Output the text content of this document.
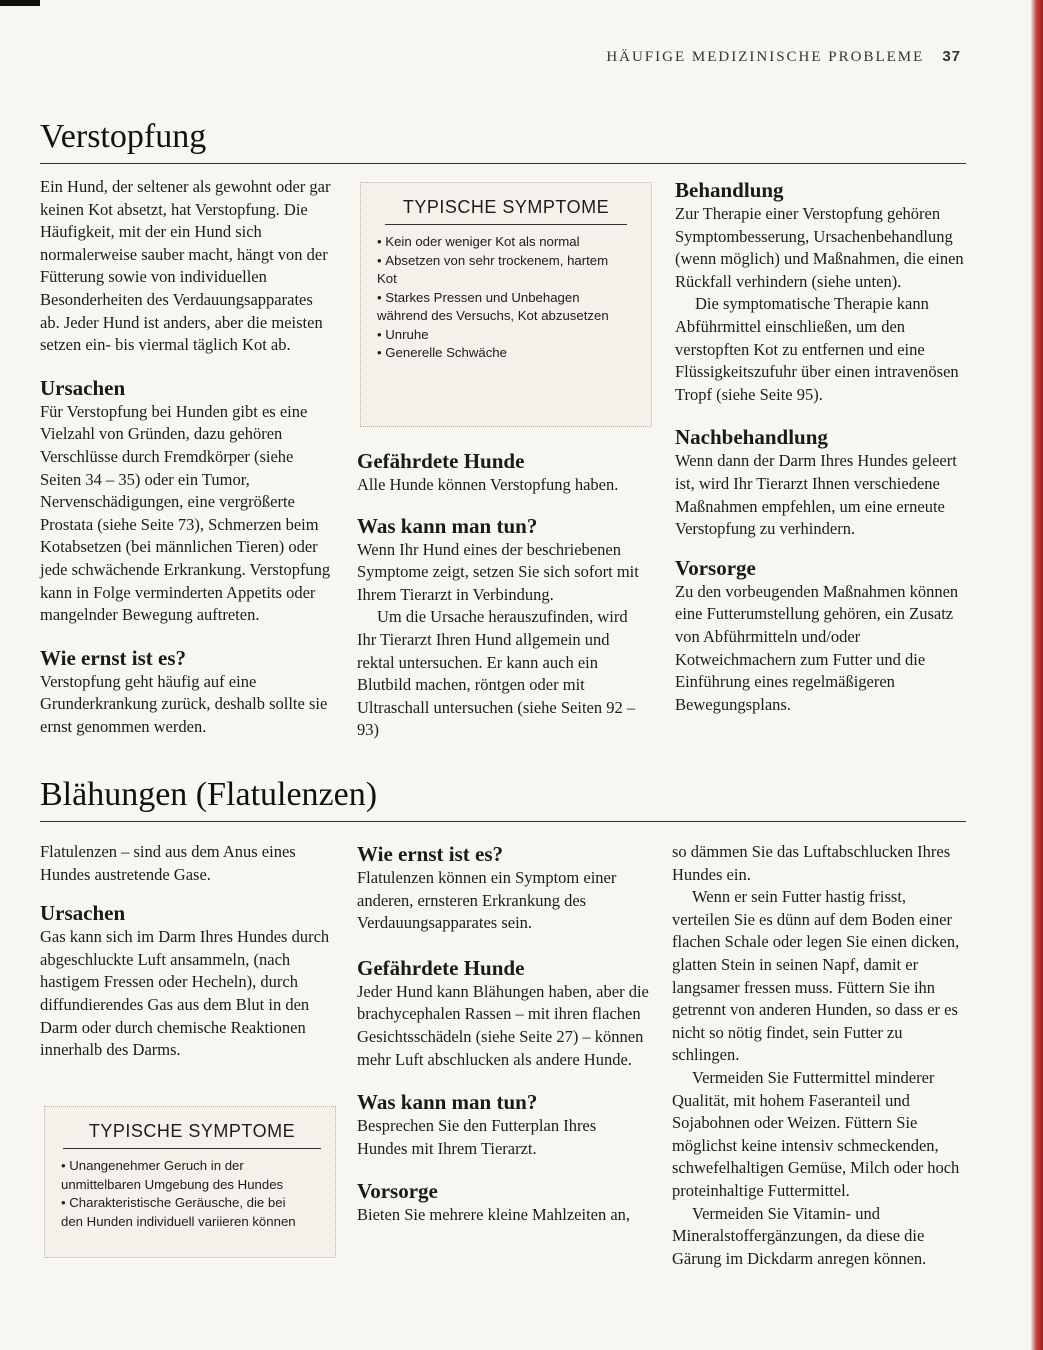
HÄUFIGE MEDIZINISCHE PROBLEME 37
Verstopfung

Ein Hund, der seltener als gewohnt oder gar keinen Kot absetzt, hat Verstopfung. Die Häufigkeit, mit der ein Hund sich normalerweise sauber macht, hängt von der Fütterung sowie von individuellen Besonderheiten des Verdauungsapparates ab. Jeder Hund ist anders, aber die meisten setzen ein- bis viermal täglich Kot ab.

Ursachen

Für Verstopfung bei Hunden gibt es eine Vielzahl von Gründen, dazu gehören Verschlüsse durch Fremdkörper (siehe Seiten 34 – 35) oder ein Tumor, Nervenschädigungen, eine vergrößerte Prostata (siehe Seite 73), Schmerzen beim Kotabsetzen (bei männlichen Tieren) oder jede schwächende Erkrankung. Verstopfung kann in Folge verminderten Appetits oder mangelnder Bewegung auftreten.

Wie ernst ist es?

Verstopfung geht häufig auf eine Grunderkrankung zurück, deshalb sollte sie ernst genommen werden.

TYPISCHE SYMPTOME
• Kein oder weniger Kot als normal
• Absetzen von sehr trockenem, hartem Kot
• Starkes Pressen und Unbehagen während des Versuchs, Kot abzusetzen
• Unruhe
• Generelle Schwäche
Gefährdete Hunde

Alle Hunde können Verstopfung haben.

Was kann man tun?

Wenn Ihr Hund eines der beschriebenen Symptome zeigt, setzen Sie sich sofort mit Ihrem Tierarzt in Verbindung.

Um die Ursache herauszufinden, wird Ihr Tierarzt Ihren Hund allgemein und rektal untersuchen. Er kann auch ein Blutbild machen, röntgen oder mit Ultraschall untersuchen (siehe Seiten 92 – 93)

Behandlung

Zur Therapie einer Verstopfung gehören Symptombesserung, Ursachenbehandlung (wenn möglich) und Maßnahmen, die einen Rückfall verhindern (siehe unten).

Die symptomatische Therapie kann Abführmittel einschließen, um den verstopften Kot zu entfernen und eine Flüssigkeitszufuhr über einen intravenösen Tropf (siehe Seite 95).

Nachbehandlung

Wenn dann der Darm Ihres Hundes geleert ist, wird Ihr Tierarzt Ihnen verschiedene Maßnahmen empfehlen, um eine erneute Verstopfung zu verhindern.

Vorsorge

Zu den vorbeugenden Maßnahmen können eine Futterumstellung gehören, ein Zusatz von Abführmitteln und/oder Kotweichmachern zum Futter und die Einführung eines regelmäßigeren Bewegungsplans.

Blähungen (Flatulenzen)

Flatulenzen – sind aus dem Anus eines Hundes austretende Gase.

Ursachen

Gas kann sich im Darm Ihres Hundes durch abgeschluckte Luft ansammeln, (nach hastigem Fressen oder Hecheln), durch diffundierendes Gas aus dem Blut in den Darm oder durch chemische Reaktionen innerhalb des Darms.

TYPISCHE SYMPTOME
• Unangenehmer Geruch in der unmittelbaren Umgebung des Hundes
• Charakteristische Geräusche, die bei den Hunden individuell variieren können
Wie ernst ist es?

Flatulenzen können ein Symptom einer anderen, ernsteren Erkrankung des Verdauungsapparates sein.

Gefährdete Hunde

Jeder Hund kann Blähungen haben, aber die brachycephalen Rassen – mit ihren flachen Gesichtsschädeln (siehe Seite 27) – können mehr Luft abschlucken als andere Hunde.

Was kann man tun?

Besprechen Sie den Futterplan Ihres Hundes mit Ihrem Tierarzt.

Vorsorge

Bieten Sie mehrere kleine Mahlzeiten an,

so dämmen Sie das Luftabschlucken Ihres Hundes ein.

Wenn er sein Futter hastig frisst, verteilen Sie es dünn auf dem Boden einer flachen Schale oder legen Sie einen dicken, glatten Stein in seinen Napf, damit er langsamer fressen muss. Füttern Sie ihn getrennt von anderen Hunden, so dass er es nicht so nötig findet, sein Futter zu schlingen.

Vermeiden Sie Futtermittel minderer Qualität, mit hohem Faseranteil und Sojabohnen oder Weizen. Füttern Sie möglichst keine intensiv schmeckenden, schwefelhaltigen Gemüse, Milch oder hoch proteinhaltige Futtermittel.

Vermeiden Sie Vitamin- und Mineralstoffergänzungen, da diese die Gärung im Dickdarm anregen können.
